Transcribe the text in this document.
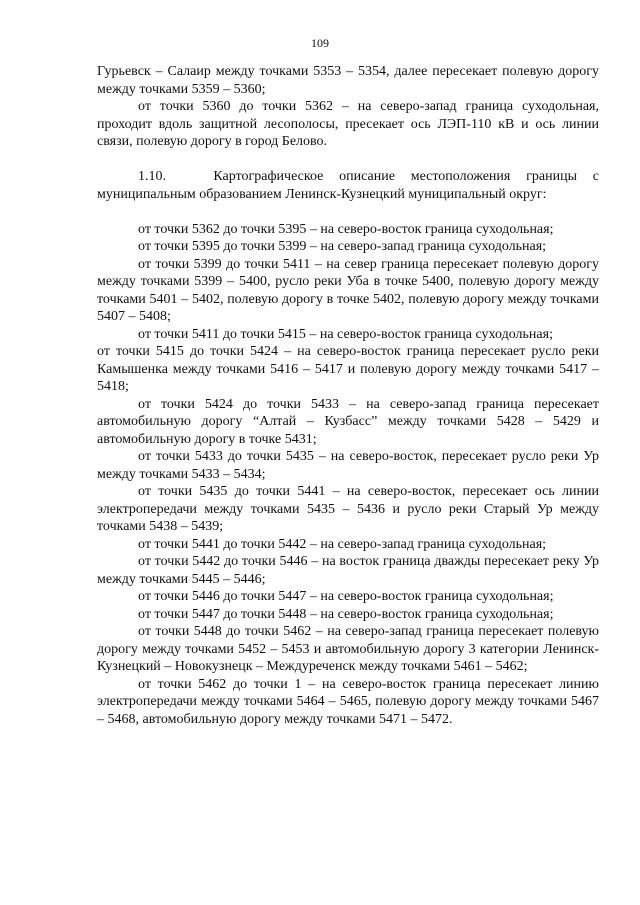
109

Гурьевск – Салаир между точками 5353 – 5354, далее пересекает полевую дорогу между точками 5359 – 5360;

от точки 5360 до точки 5362 – на северо-запад граница суходольная, проходит вдоль защитной лесополосы, пресекает ось ЛЭП-110 кВ и ось линии связи, полевую дорогу в город Белово.

1.10.   Картографическое описание местоположения границы с муниципальным образованием Ленинск-Кузнецкий муниципальный округ:

от точки 5362 до точки 5395 – на северо-восток граница суходольная;

от точки 5395 до точки 5399 – на северо-запад граница суходольная;

от точки 5399 до точки 5411 – на север граница пересекает полевую дорогу между точками 5399 – 5400, русло реки Уба в точке 5400, полевую дорогу между точками 5401 – 5402, полевую дорогу в точке 5402, полевую дорогу между точками 5407 – 5408;

от точки 5411 до точки 5415 – на северо-восток граница суходольная;

от точки 5415 до точки 5424 – на северо-восток граница пересекает русло реки Камышенка между точками 5416 – 5417 и полевую дорогу между точками 5417 – 5418;

от точки 5424 до точки 5433 – на северо-запад граница пересекает автомобильную дорогу “Алтай – Кузбасс” между точками 5428 – 5429 и автомобильную дорогу в точке 5431;

от точки 5433 до точки 5435 – на северо-восток, пересекает русло реки Ур между точками 5433 – 5434;

от точки 5435 до точки 5441 – на северо-восток, пересекает ось линии электропередачи между точками 5435 – 5436 и русло реки Старый Ур между точками 5438 – 5439;

от точки 5441 до точки 5442 – на северо-запад граница суходольная;

от точки 5442 до точки 5446 – на восток граница дважды пересекает реку Ур между точками 5445 – 5446;

от точки 5446 до точки 5447 – на северо-восток граница суходольная;

от точки 5447 до точки 5448 – на северо-восток граница суходольная;

от точки 5448 до точки 5462 – на северо-запад граница пересекает полевую дорогу между точками 5452 – 5453 и автомобильную дорогу 3 категории Ленинск-Кузнецкий – Новокузнецк – Междуреченск между точками 5461 – 5462;

от точки 5462 до точки 1 – на северо-восток граница пересекает линию электропередачи между точками 5464 – 5465, полевую дорогу между точками 5467 – 5468, автомобильную дорогу между точками 5471 – 5472.
